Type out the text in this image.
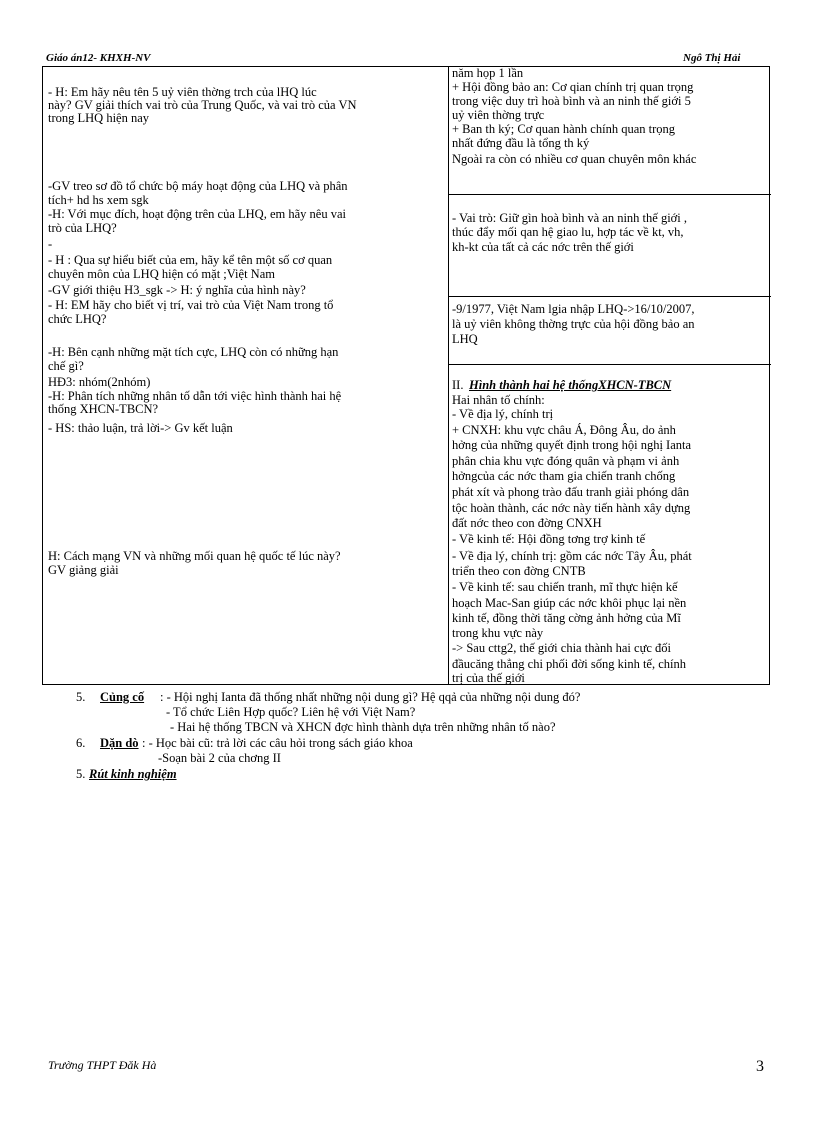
Giáo án12- KHXH-NV	Ngô Thị Hải
- H: Em hãy nêu tên 5 uỷ viên thờng trch của lHQ lúc
này? GV giải thích vai trò của Trung Quốc, và vai trò của VN
trong LHQ hiện nay
-GV treo sơ đồ tổ chức bộ máy hoạt động của LHQ và phân
tích+ hd hs xem sgk
-H: Với mục đích, hoạt động trên của LHQ, em hãy nêu vai
trò của LHQ?
-
- H : Qua sự hiểu biết của em, hãy kể tên một số cơ quan
chuyên môn của LHQ hiện có mặt ;Việt Nam
-GV giới thiệu H3_sgk -> H: ý nghĩa của hình này?
- H: EM hãy cho biết vị trí, vai trò của Việt Nam trong tổ
chức LHQ?
-H: Bên cạnh những mặt tích cực, LHQ còn có những hạn
chế gì?
HĐ3: nhóm(2nhóm)
-H: Phân tích những nhân tố dẫn tới việc hình thành hai hệ
thống XHCN-TBCN?
- HS: thảo luận, trả lời-> Gv kết luận
H: Cách mạng VN và những mối quan hệ quốc tế lúc này?
GV giảng giải
năm họp 1 lần
+ Hội đồng bảo an: Cơ qian chính trị quan trọng
trong việc duy trì hoà bình và an ninh thế giới 5
uỷ viên thờng trực
+ Ban th ký; Cơ quan hành chính quan trọng
nhất đứng đầu là tổng th ký
Ngoài ra còn có nhiều cơ quan chuyên môn khác
- Vai trò: Giữ gìn hoà bình và an ninh thế giới ,
thúc đẩy mối qan hệ giao lu, hợp tác về kt, vh,
kh-kt của tất cả các nớc trên thế giới
-9/1977, Việt Nam lgia nhập LHQ->16/10/2007,
là uỷ viên không thờng trực của hội đồng bảo an
LHQ
II. Hình thành hai hệ thốngXHCN-TBCN
Hai nhân tố chính:
- Về địa lý, chính trị
+ CNXH: khu vực châu Á, Đông Âu, do ảnh
hởng của những quyết định trong hội nghị Ianta
phân chia khu vực đóng quân và phạm vi ảnh
hởngcủa các nớc tham gia chiến tranh chống
phát xít và phong trào đấu tranh giải phóng dân
tộc hoàn thành, các nớc này tiến hành xây dựng
đất nớc theo con đờng CNXH
- Về kinh tế: Hội đồng tơng trợ kinh tế
- Về địa lý, chính trị: gồm các nớc Tây Âu, phát
triển theo con đờng CNTB
- Về kinh tế: sau chiến tranh, mĩ thực hiện kế
hoạch Mac-San giúp các nớc khôi phục lại nền
kinh tế, đồng thời tăng cờng ảnh hởng của Mĩ
trong khu vực này
-> Sau cttg2, thế giới chia thành hai cực đối
đầucăng thẳng chi phối đời sống kinh tế, chính
trị của thế giới
5. Củng cố : - Hội nghị Ianta đã thống nhất những nội dung gì? Hệ qqả của những nội dung đó?
- Tổ chức Liên Hợp quốc? Liên hệ với Việt Nam?
- Hai hệ thống TBCN và XHCN đợc hình thành dựa trên những nhân tố nào?
6. Dặn dò : - Học bài cũ: trả lời các câu hỏi trong sách giáo khoa
-Soạn bài 2 của chơng II
5. Rút kinh nghiệm
Trường THPT Đăk Hà	3
